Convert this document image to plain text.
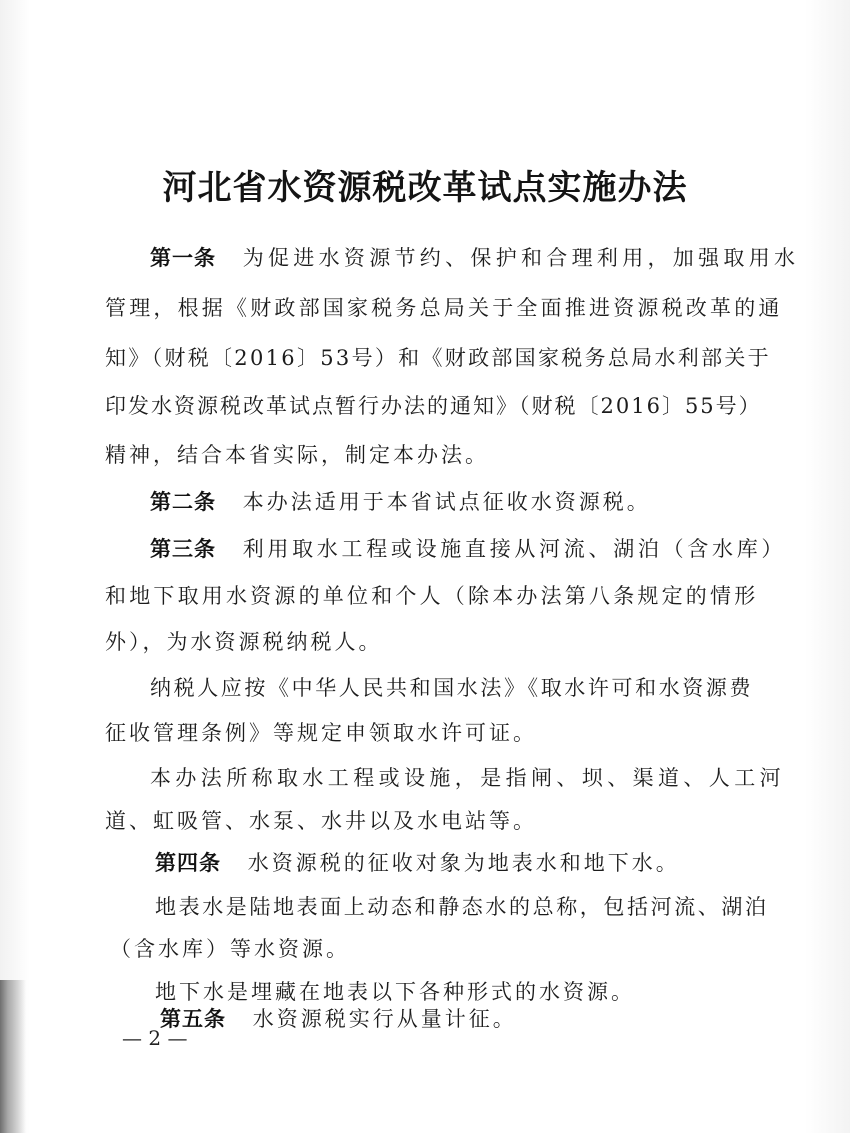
河北省水资源税改革试点实施办法
第一条 为促进水资源节约、保护和合理利用，加强取用水
管理，根据《财政部国家税务总局关于全面推进资源税改革的通
知》（财税〔2016〕53号）和《财政部国家税务总局水利部关于
印发水资源税改革试点暂行办法的通知》（财税〔2016〕55号）
精神，结合本省实际，制定本办法。
第二条 本办法适用于本省试点征收水资源税。
第三条 利用取水工程或设施直接从河流、湖泊（含水库）
和地下取用水资源的单位和个人（除本办法第八条规定的情形
外），为水资源税纳税人。
纳税人应按《中华人民共和国水法》《取水许可和水资源费
征收管理条例》等规定申领取水许可证。
本办法所称取水工程或设施，是指闸、坝、渠道、人工河
道、虹吸管、水泵、水井以及水电站等。
第四条 水资源税的征收对象为地表水和地下水。
地表水是陆地表面上动态和静态水的总称，包括河流、湖泊
（含水库）等水资源。
地下水是埋藏在地表以下各种形式的水资源。
第五条 水资源税实行从量计征。
— 2 —
